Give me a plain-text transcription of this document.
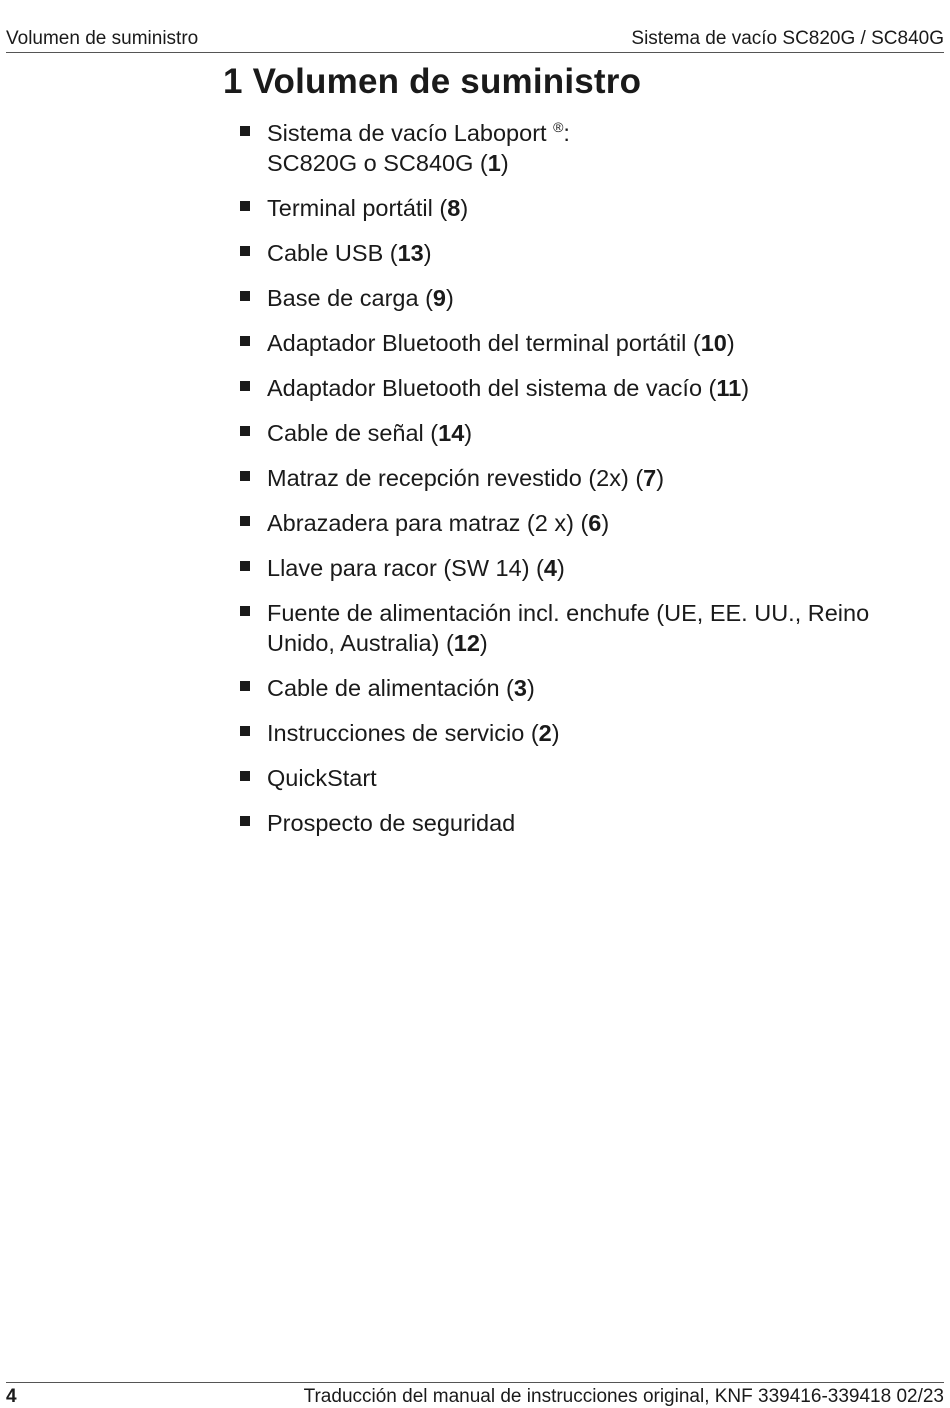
Volumen de suministro	Sistema de vacío SC820G / SC840G
1 Volumen de suministro
Sistema de vacío Laboport ®:
SC820G o SC840G (1)
Terminal portátil (8)
Cable USB (13)
Base de carga (9)
Adaptador Bluetooth del terminal portátil (10)
Adaptador Bluetooth del sistema de vacío (11)
Cable de señal (14)
Matraz de recepción revestido (2x) (7)
Abrazadera para matraz (2 x) (6)
Llave para racor (SW 14) (4)
Fuente de alimentación incl. enchufe (UE, EE. UU., Reino
Unido, Australia) (12)
Cable de alimentación (3)
Instrucciones de servicio (2)
QuickStart
Prospecto de seguridad
4	Traducción del manual de instrucciones original, KNF 339416-339418 02/23
